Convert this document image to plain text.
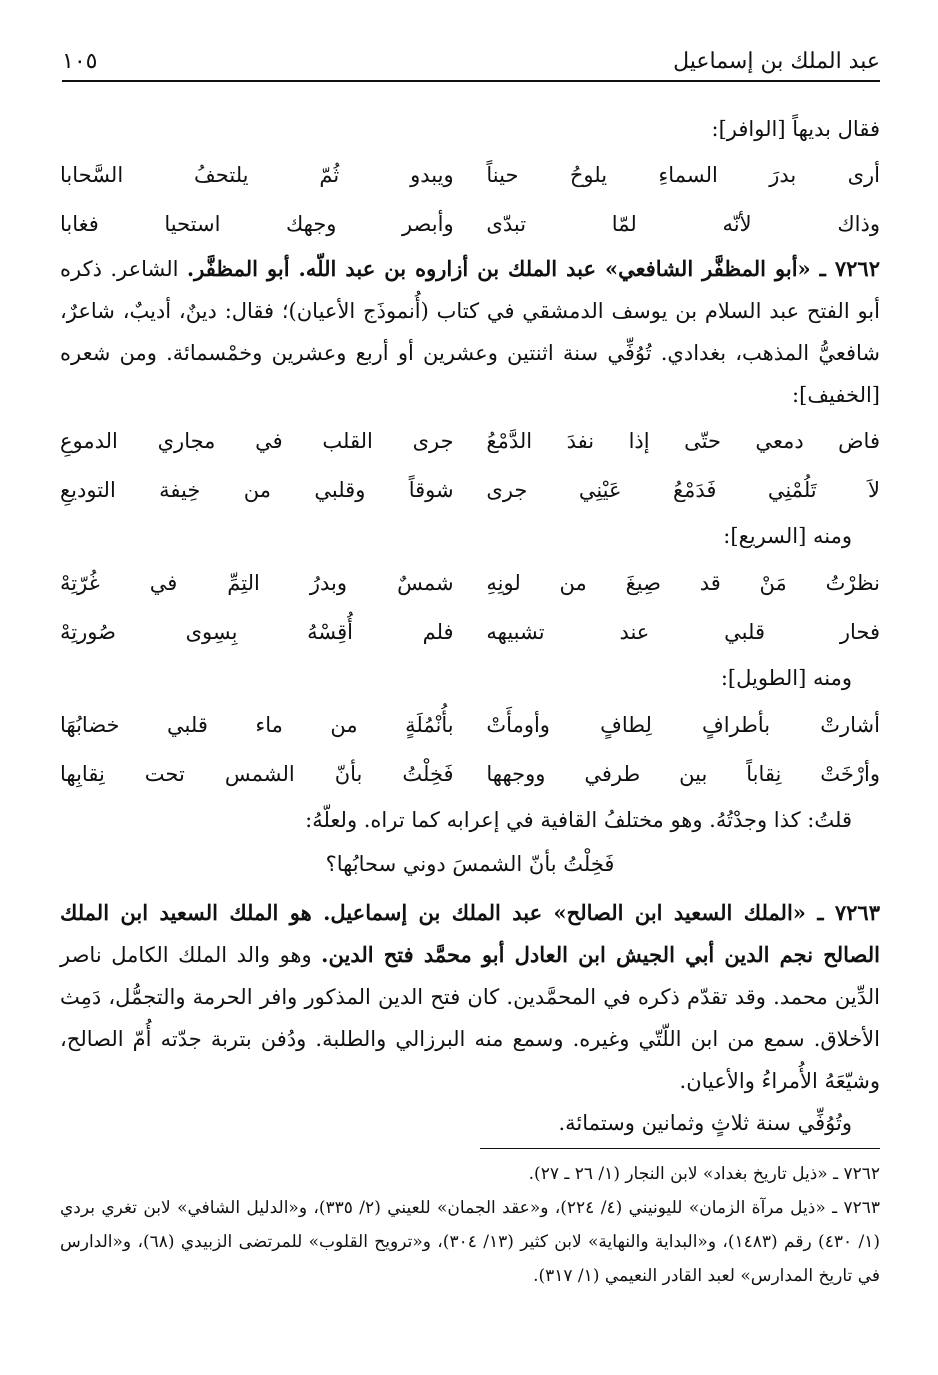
عبد الملك بن إسماعيل
١٠٥

فقال بديهاً [الوافر]:

أرى بدرَ السماءِ يلوحُ حيناً
ويبدو ثُمّ يلتحفُ السَّحابا
وذاك لأنّه لمّا تبدّى
وأبصر وجهك استحيا فغابا

٧٢٦٢ ـ «أبو المظفَّر الشافعي» عبد الملك بن أزاروه بن عبد اللّه. أبو المظفَّر. الشاعر. ذكره أبو الفتح عبد السلام بن يوسف الدمشقي في كتاب (أُنموذَج الأعيان)؛ فقال: دينٌ، أديبٌ، شاعرٌ، شافعيُّ المذهب، بغدادي. تُوُفِّي سنة اثنتين وعشرين أو أربع وعشرين وخمْسمائة. ومن شعره [الخفيف]:

فاض دمعي حتّى إذا نفدَ الدَّمْعُ
جرى القلب في مجاري الدموعِ
لاَ تَلُمْنِي فَدَمْعُ عَيْنِي جرى
شوقاً وقلبي من خِيفة التوديعِ

ومنه [السريع]:

نظرْتُ مَنْ قد صِيغَ من لونِهِ
شمسٌ وبدرُ التِمِّ في غُرّتِهْ
فحار قلبي عند تشبيهه
فلم أُقِسْهُ بِسِوى صُورتِهْ

ومنه [الطويل]:

أشارتْ بأطرافٍ لِطافٍ وأومأَتْ
بأُنْمُلَةٍ من ماء قلبي خضابُهَا
وأرْخَتْ نِقاباً بين طرفي ووجهها
فَخِلْتُ بأنّ الشمس تحت نِقابِها

قلتُ: كذا وجدْتُهُ. وهو مختلفُ القافية في إعرابه كما تراه. ولعلّهُ:

فَخِلْتُ بأنّ الشمسَ دوني سحابُها؟

٧٢٦٣ ـ «الملك السعيد ابن الصالح» عبد الملك بن إسماعيل. هو الملك السعيد ابن الملك الصالح نجم الدين أبي الجيش ابن العادل أبو محمَّد فتح الدين. وهو والد الملك الكامل ناصر الدِّين محمد. وقد تقدّم ذكره في المحمَّدين. كان فتح الدين المذكور وافر الحرمة والتجمُّل، دَمِث الأخلاق. سمع من ابن اللّتّي وغيره. وسمع منه البرزالي والطلبة. ودُفن بتربة جدّته أُمّ الصالح، وشيّعَهُ الأُمراءُ والأعيان.

وتُوُفِّي سنة ثلاثٍ وثمانين وستمائة.

٧٢٦٢ ـ «ذيل تاريخ بغداد» لابن النجار (١/ ٢٦ ـ ٢٧).

٧٢٦٣ ـ «ذيل مرآة الزمان» لليونيني (٤/ ٢٢٤)، و«عقد الجمان» للعيني (٢/ ٣٣٥)، و«الدليل الشافي» لابن تغري بردي (١/ ٤٣٠) رقم (١٤٨٣)، و«البداية والنهاية» لابن كثير (١٣/ ٣٠٤)، و«ترويح القلوب» للمرتضى الزبيدي (٦٨)، و«الدارس في تاريخ المدارس» لعبد القادر النعيمي (١/ ٣١٧).
